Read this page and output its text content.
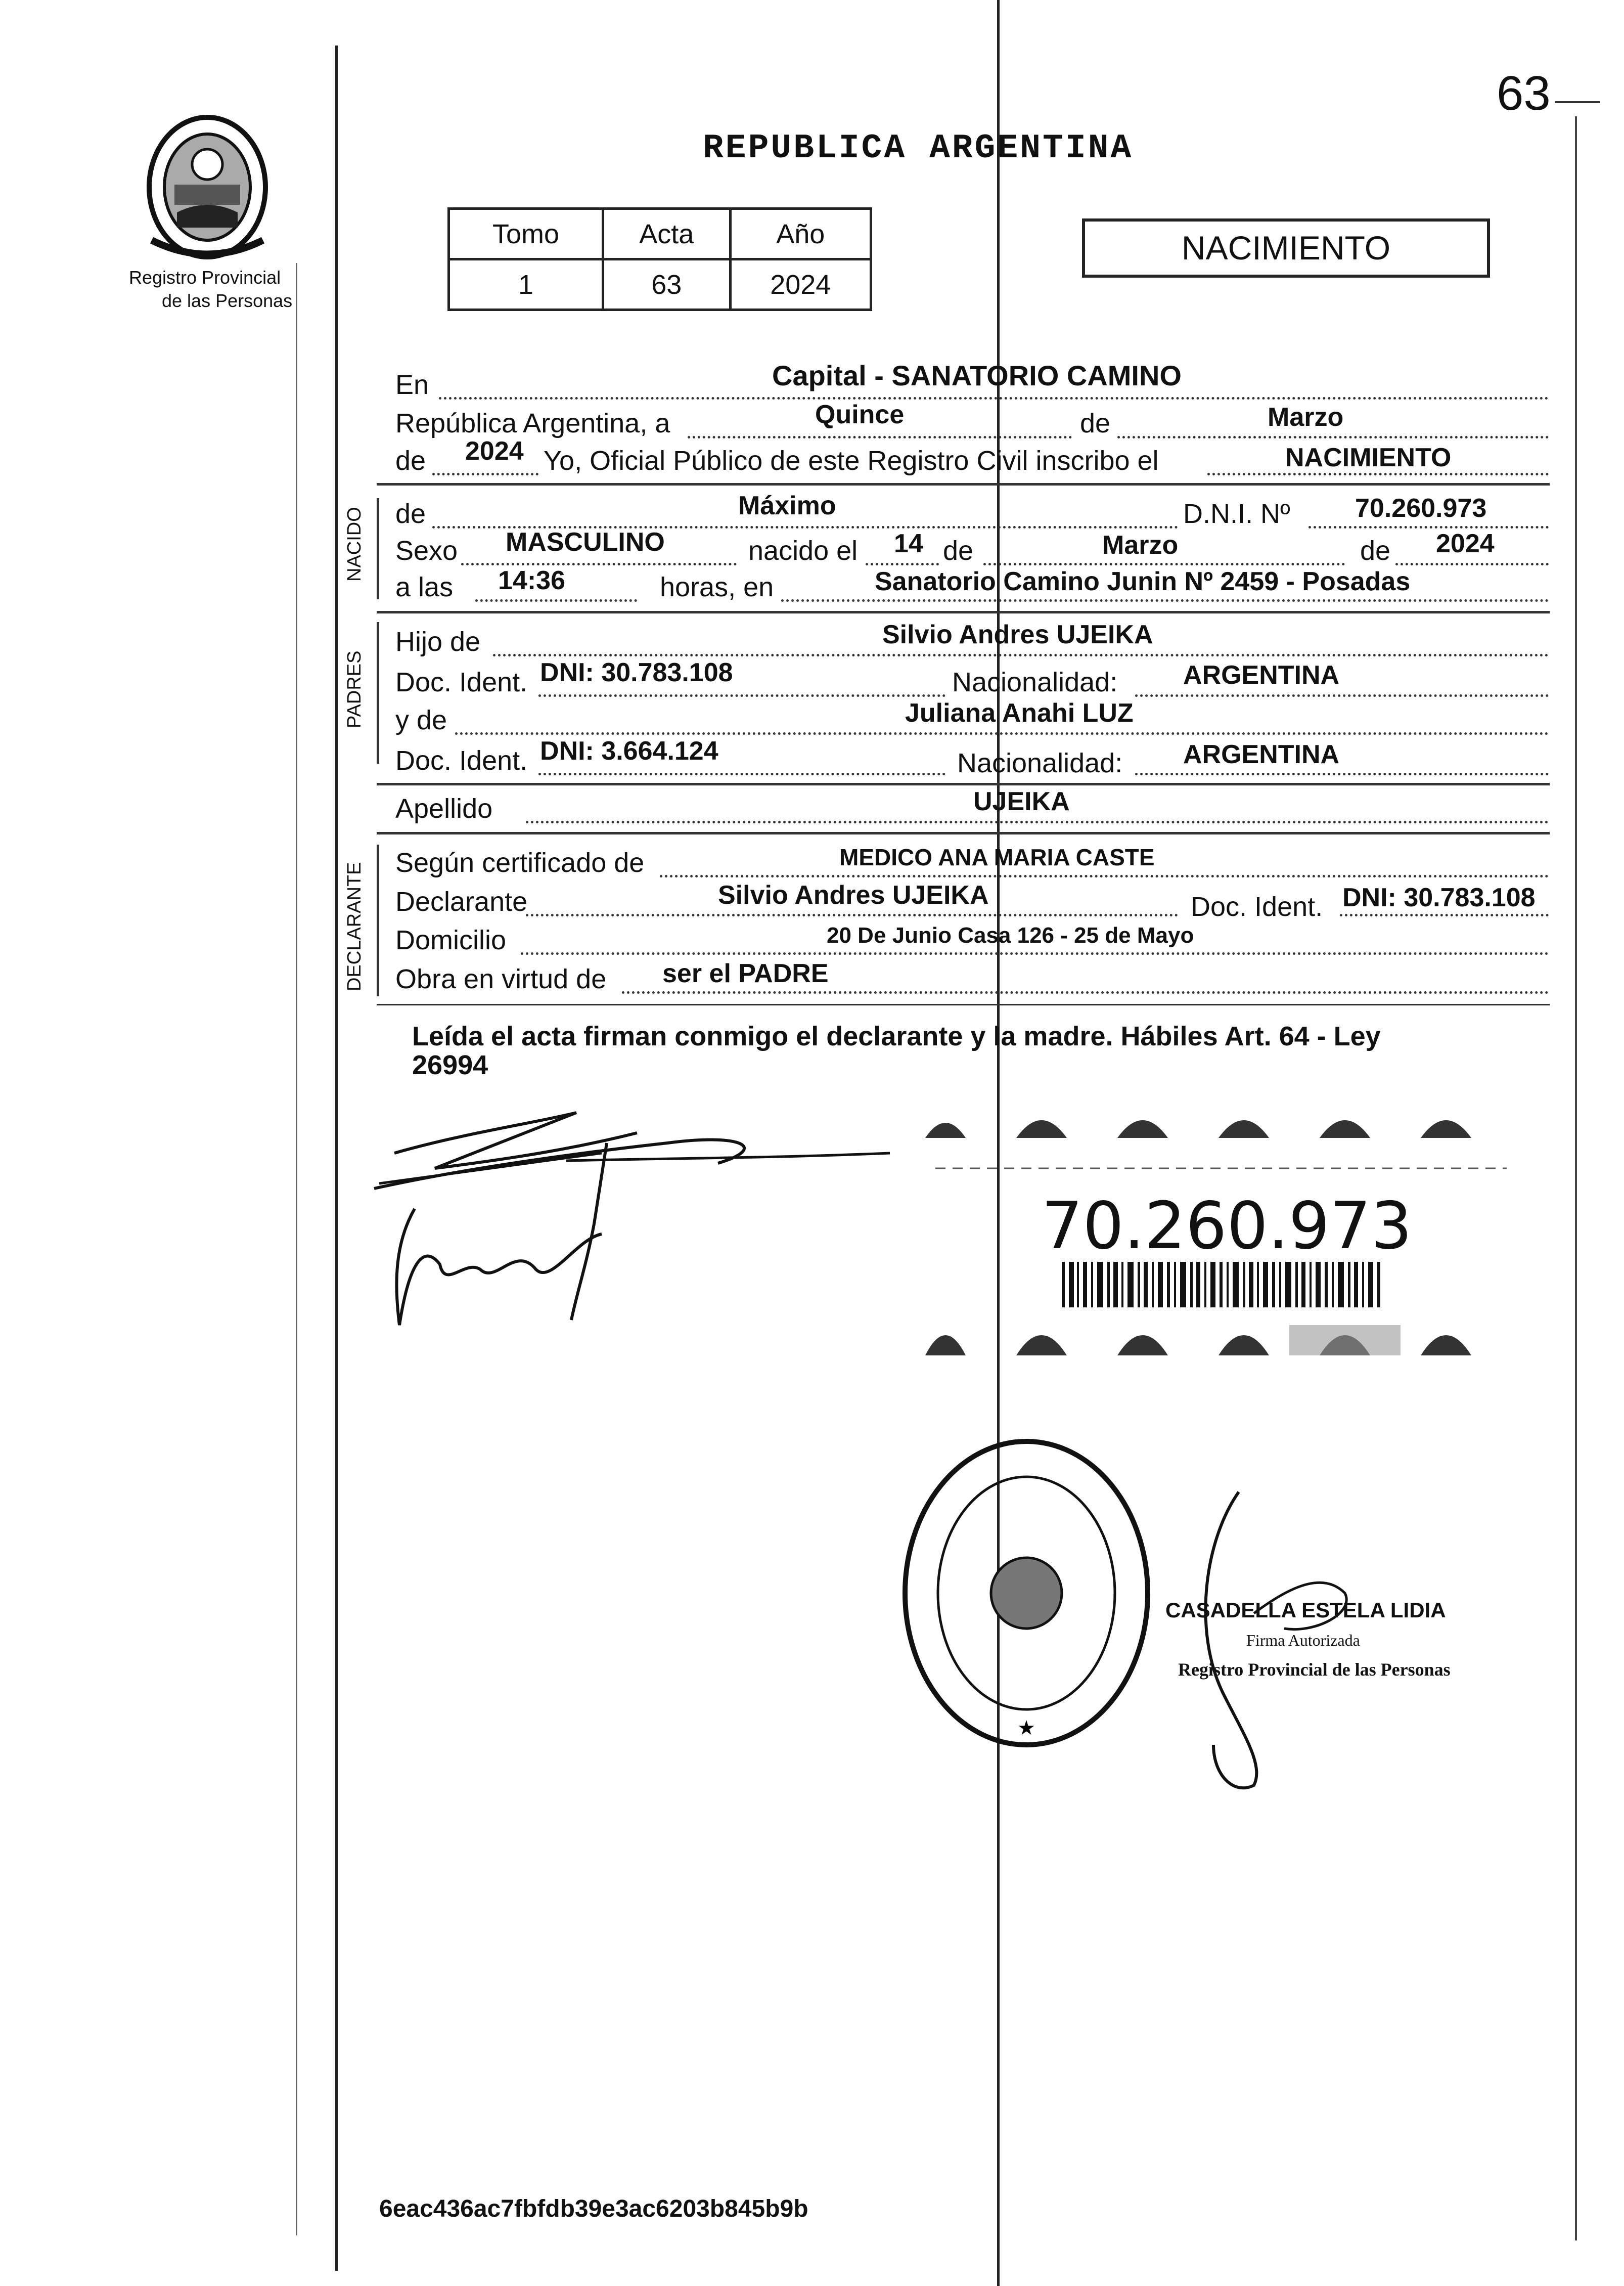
63
Registro Provincial
de las Personas
REPUBLICA ARGENTINA
Tomo	Acta	Año
1	63	2024
NACIMIENTO
En	Capital - SANATORIO CAMINO
República Argentina, a	Quince	de	Marzo
de 2024 Yo, Oficial Público de este Registro Civil inscribo el	NACIMIENTO
NACIDO de	Máximo	D.N.I. Nº 70.260.973
Sexo MASCULINO	nacido el 14 de	Marzo	de 2024
a las 14:36	horas, en	Sanatorio Camino Junin Nº 2459 - Posadas
PADRES
Hijo de	Silvio Andres UJEIKA
Doc. Ident. DNI: 30.783.108	Nacionalidad: ARGENTINA
y de	Juliana Anahi LUZ
Doc. Ident. DNI: 3.664.124	Nacionalidad: ARGENTINA
Apellido	UJEIKA
DECLARANTE Según certificado de	MEDICO ANA MARIA CASTE
Declarante	Silvio Andres UJEIKA	Doc. Ident. DNI: 30.783.108
Domicilio	20 De Junio Casa 126 - 25 de Mayo
Obra en virtud de ser el PADRE
Leída el acta firman conmigo el declarante y la madre. Hábiles Art. 64 - Ley
26994
70.260.973
★
CASADELLA ESTELA LIDIA
Firma Autorizada
Registro Provincial de las Personas
6eac436ac7fbfdb39e3ac6203b845b9b
